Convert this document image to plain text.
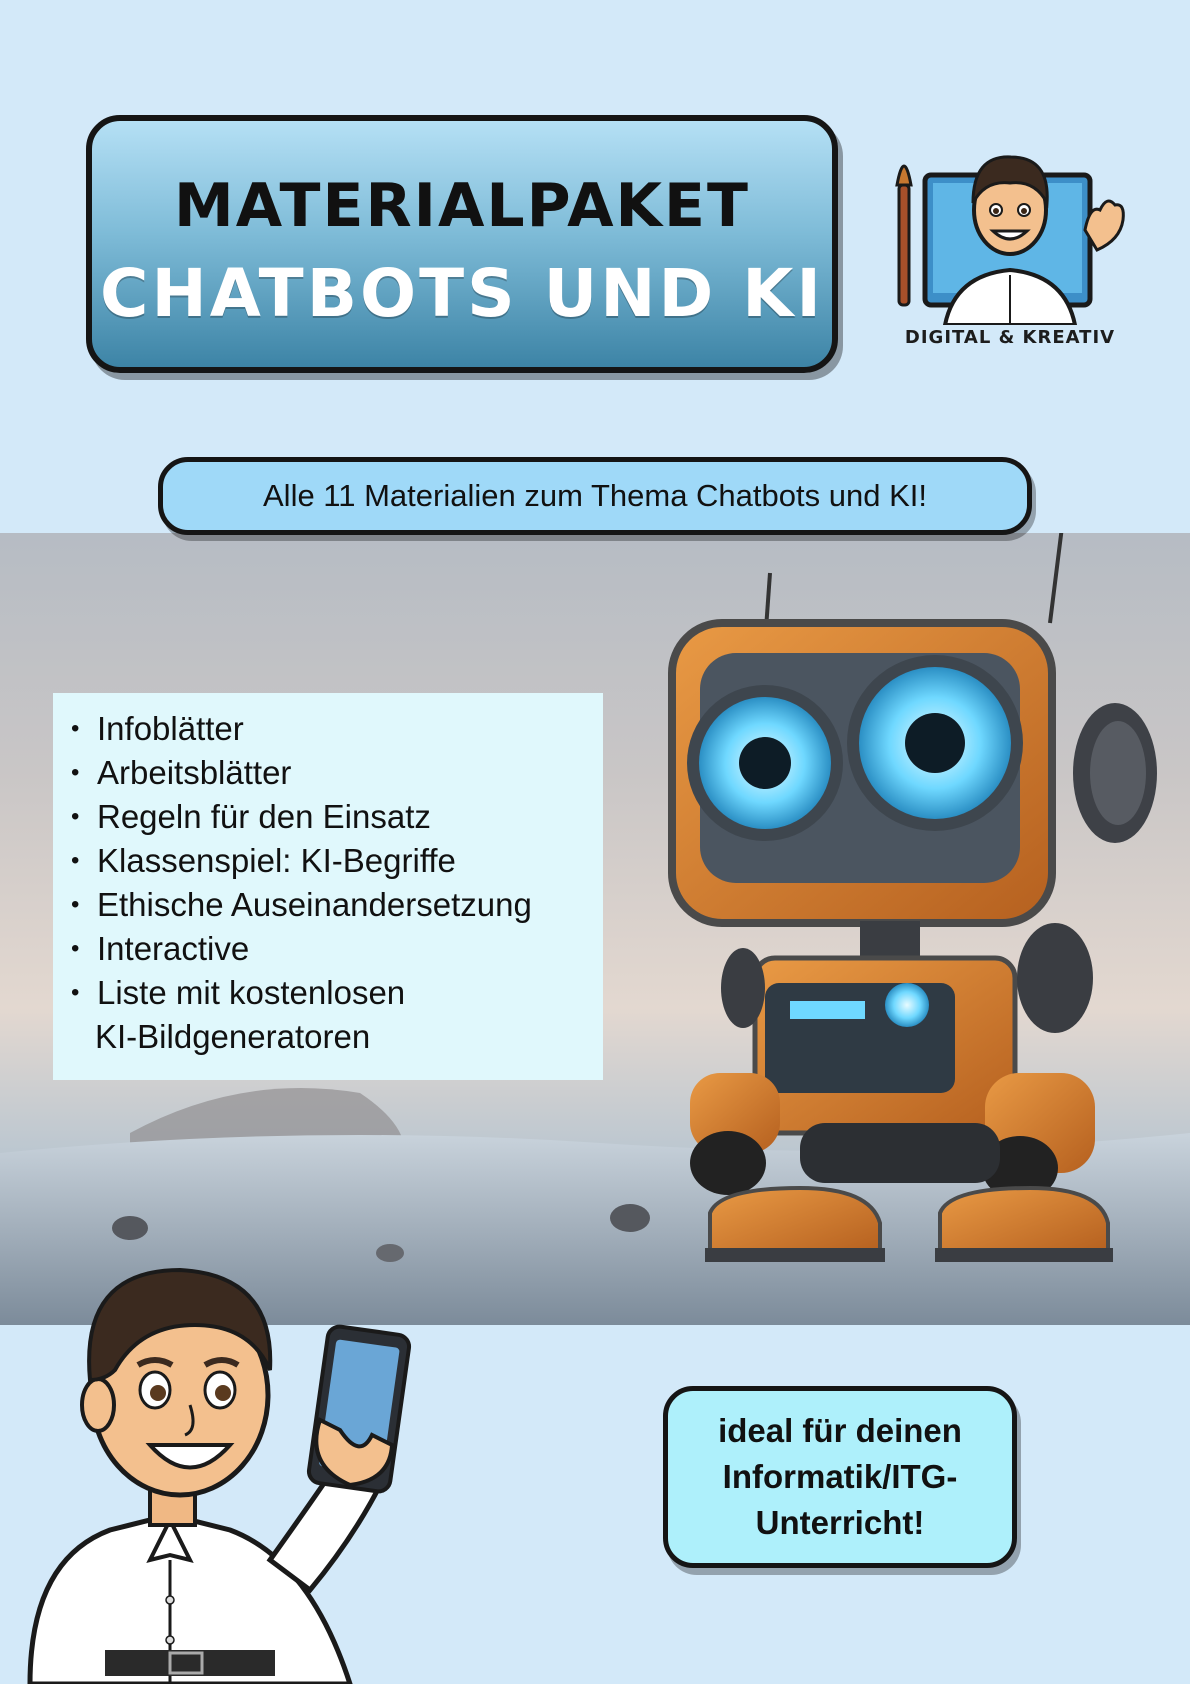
MATERIALPAKET
CHATBOTS UND KI
DIGITAL & KREATIV
Alle 11 Materialien zum Thema Chatbots und KI!
• Infoblätter
• Arbeitsblätter
• Regeln für den Einsatz
• Klassenspiel: KI-Begriffe
• Ethische Auseinandersetzung
• Interactive
• Liste mit kostenlosen
KI-Bildgeneratoren
ideal für deinen Informatik/ITG-Unterricht!
